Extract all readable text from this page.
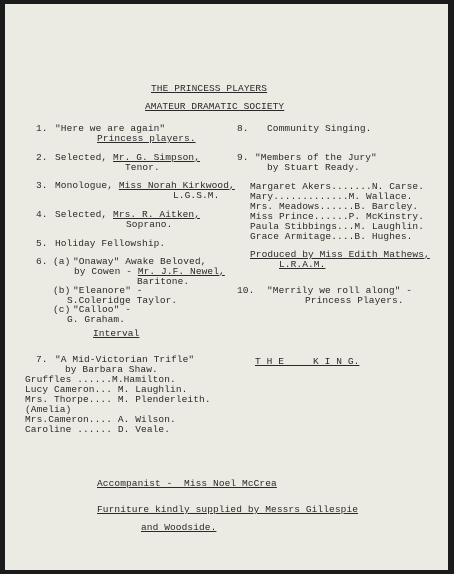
THE PRINCESS PLAYERS
AMATEUR DRAMATIC SOCIETY
1. "Here we are again"
Princess players.
2. Selected, Mr. G. Simpson,
Tenor.
3. Monologue, Miss Norah Kirkwood,
L.G.S.M.
4. Selected, Mrs. R. Aitken,
Soprano.
5. Holiday Fellowship.
6. (a) "Onaway" Awake Beloved,
by Cowen - Mr. J.F. Newel,
Baritone.
(b) "Eleanore" -
S.Coleridge Taylor.
(c) "Calloo" -
G. Graham.
Interval
7. "A Mid-Victorian Trifle"
by Barbara Shaw.
Gruffles ......M.Hamilton.
Lucy Cameron... M. Laughlin.
Mrs. Thorpe.... M. Plenderleith.
(Amelia)
Mrs.Cameron.... A. Wilson.
Caroline ...... D. Veale.
8. Community Singing.
9. "Members of the Jury"
by Stuart Ready.
Margaret Akers.......N. Carse.
Mary.............M. Wallace.
Mrs. Meadows......B. Barcley.
Miss Prince......P. McKinstry.
Paula Stibbings...M. Laughlin.
Grace Armitage....B. Hughes.
Produced by Miss Edith Mathews,
L.R.A.M.
10. "Merrily we roll along" -
Princess Players.
T H E     K I N G.
Accompanist -  Miss Noel McCrea
Furniture kindly supplied by Messrs Gillespie
and Woodside.
